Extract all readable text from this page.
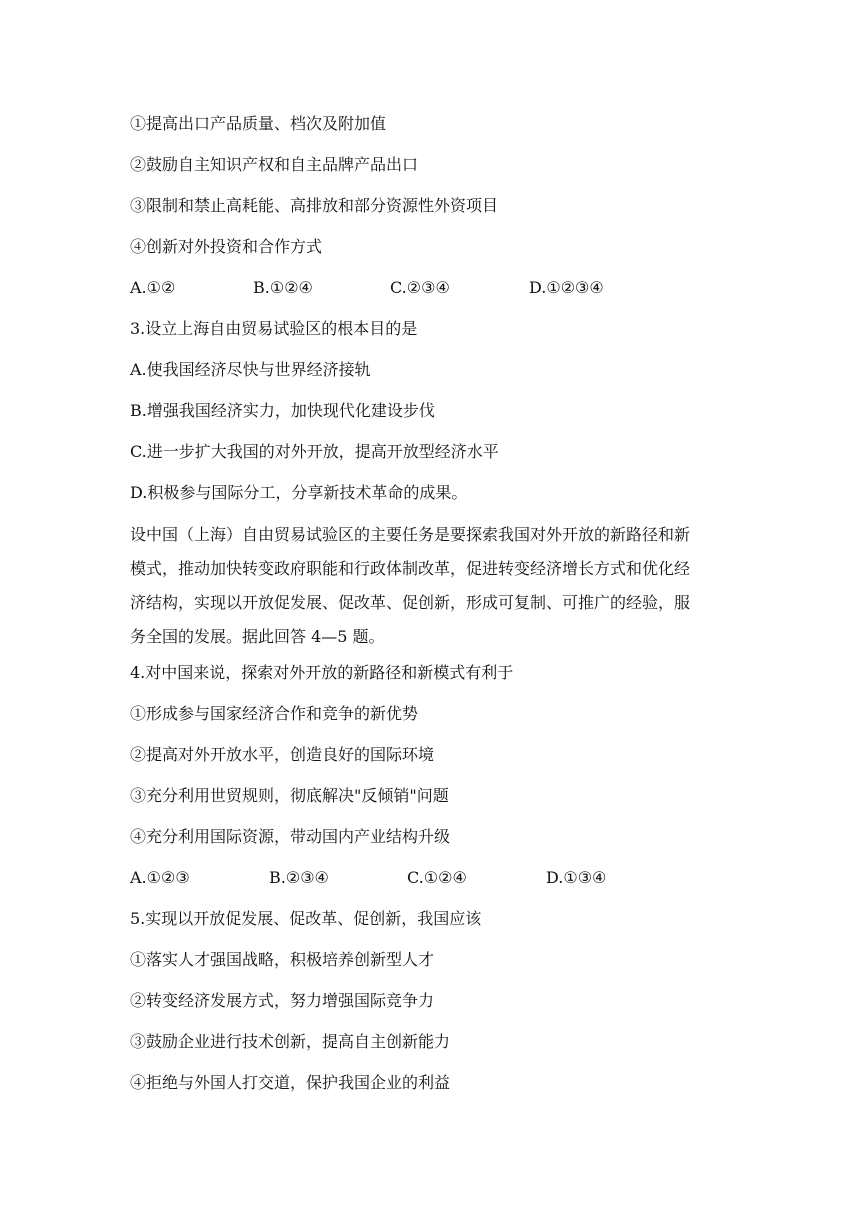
①提高出口产品质量、档次及附加值
②鼓励自主知识产权和自主品牌产品出口
③限制和禁止高耗能、高排放和部分资源性外资项目
④创新对外投资和合作方式
A.①②	B.①②④	C.②③④	D.①②③④
3.设立上海自由贸易试验区的根本目的是
A.使我国经济尽快与世界经济接轨
B.增强我国经济实力，加快现代化建设步伐
C.进一步扩大我国的对外开放，提高开放型经济水平
D.积极参与国际分工，分享新技术革命的成果。
设中国（上海）自由贸易试验区的主要任务是要探索我国对外开放的新路径和新
模式，推动加快转变政府职能和行政体制改革，促进转变经济增长方式和优化经
济结构，实现以开放促发展、促改革、促创新，形成可复制、可推广的经验，服
务全国的发展。据此回答 4—5 题。
4.对中国来说，探索对外开放的新路径和新模式有利于
①形成参与国家经济合作和竞争的新优势
②提高对外开放水平，创造良好的国际环境
③充分利用世贸规则，彻底解决"反倾销"问题
④充分利用国际资源，带动国内产业结构升级
A.①②③	B.②③④	C.①②④	D.①③④
5.实现以开放促发展、促改革、促创新，我国应该
①落实人才强国战略，积极培养创新型人才
②转变经济发展方式，努力增强国际竞争力
③鼓励企业进行技术创新，提高自主创新能力
④拒绝与外国人打交道，保护我国企业的利益
